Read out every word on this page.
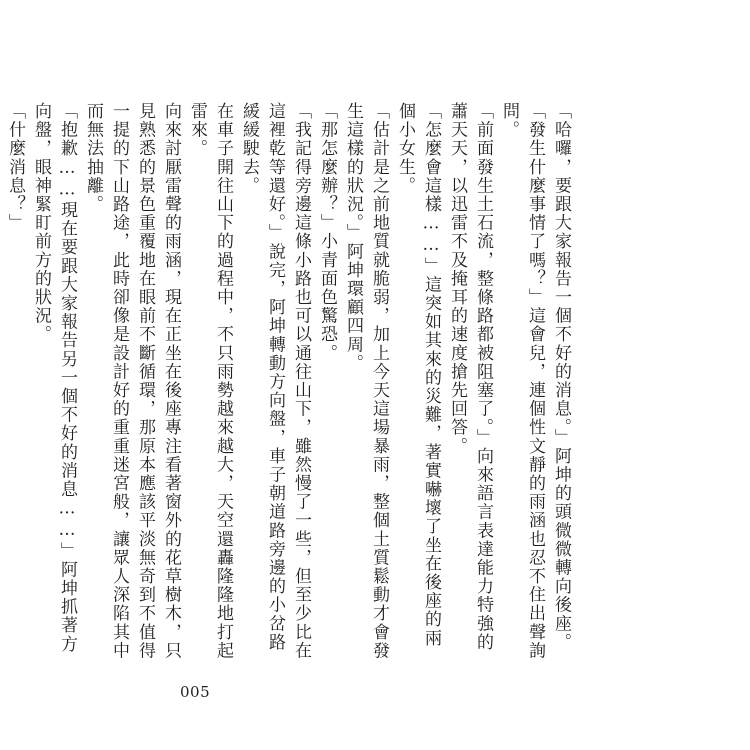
「哈囉，要跟大家報告一個不好的消息。」阿坤的頭微微轉向後座。

「發生什麼事情了嗎？」這會兒，連個性文靜的雨涵也忍不住出聲詢問。

「前面發生土石流，整條路都被阻塞了。」向來語言表達能力特強的蕭天天，以迅雷不及掩耳的速度搶先回答。

「怎麼會這樣……」這突如其來的災難，著實嚇壞了坐在後座的兩個小女生。

「估計是之前地質就脆弱，加上今天這場暴雨，整個土質鬆動才會發生這樣的狀況。」阿坤環顧四周。

「那怎麼辦？」小青面色驚恐。

「我記得旁邊這條小路也可以通往山下，雖然慢了一些，但至少比在這裡乾等還好。」說完，阿坤轉動方向盤，車子朝道路旁邊的小岔路緩緩駛去。

在車子開往山下的過程中，不只雨勢越來越大，天空還轟隆隆地打起雷來。

向來討厭雷聲的雨涵，現在正坐在後座專注看著窗外的花草樹木，只見熟悉的景色重覆地在眼前不斷循環，那原本應該平淡無奇到不值得一提的下山路途，此時卻像是設計好的重重迷宮般，讓眾人深陷其中而無法抽離。

「抱歉……現在要跟大家報告另一個不好的消息……」阿坤抓著方向盤，眼神緊盯前方的狀況。

「什麼消息？」

005
